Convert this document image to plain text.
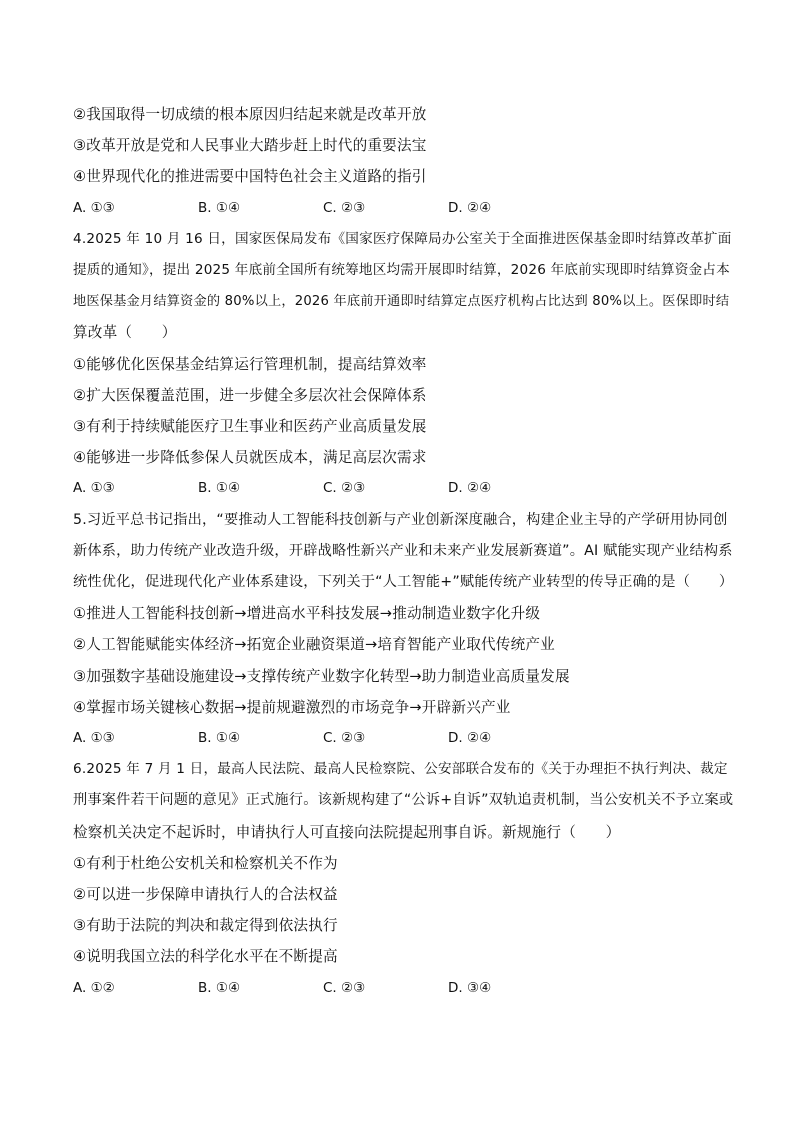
②我国取得一切成绩的根本原因归结起来就是改革开放
③改革开放是党和人民事业大踏步赶上时代的重要法宝
④世界现代化的推进需要中国特色社会主义道路的指引
A. ①③	B. ①④	C. ②③	D. ②④
4.2025 年 10 月 16 日，国家医保局发布《国家医疗保障局办公室关于全面推进医保基金即时结算改革扩面
提质的通知》，提出 2025 年底前全国所有统筹地区均需开展即时结算，2026 年底前实现即时结算资金占本
地医保基金月结算资金的 80%以上，2026 年底前开通即时结算定点医疗机构占比达到 80%以上。医保即时结
算改革（　　）
①能够优化医保基金结算运行管理机制，提高结算效率
②扩大医保覆盖范围，进一步健全多层次社会保障体系
③有利于持续赋能医疗卫生事业和医药产业高质量发展
④能够进一步降低参保人员就医成本，满足高层次需求
A. ①③	B. ①④	C. ②③	D. ②④
5.习近平总书记指出，“要推动人工智能科技创新与产业创新深度融合，构建企业主导的产学研用协同创
新体系，助力传统产业改造升级，开辟战略性新兴产业和未来产业发展新赛道”。AI 赋能实现产业结构系
统性优化，促进现代化产业体系建设，下列关于“人工智能+”赋能传统产业转型的传导正确的是（　　）
①推进人工智能科技创新→增进高水平科技发展→推动制造业数字化升级
②人工智能赋能实体经济→拓宽企业融资渠道→培育智能产业取代传统产业
③加强数字基础设施建设→支撑传统产业数字化转型→助力制造业高质量发展
④掌握市场关键核心数据→提前规避激烈的市场竞争→开辟新兴产业
A. ①③	B. ①④	C. ②③	D. ②④
6.2025 年 7 月 1 日，最高人民法院、最高人民检察院、公安部联合发布的《关于办理拒不执行判决、裁定
刑事案件若干问题的意见》正式施行。该新规构建了“公诉+自诉”双轨追责机制，当公安机关不予立案或
检察机关决定不起诉时，申请执行人可直接向法院提起刑事自诉。新规施行（　　）
①有利于杜绝公安机关和检察机关不作为
②可以进一步保障申请执行人的合法权益
③有助于法院的判决和裁定得到依法执行
④说明我国立法的科学化水平在不断提高
A. ①②	B. ①④	C. ②③	D. ③④
